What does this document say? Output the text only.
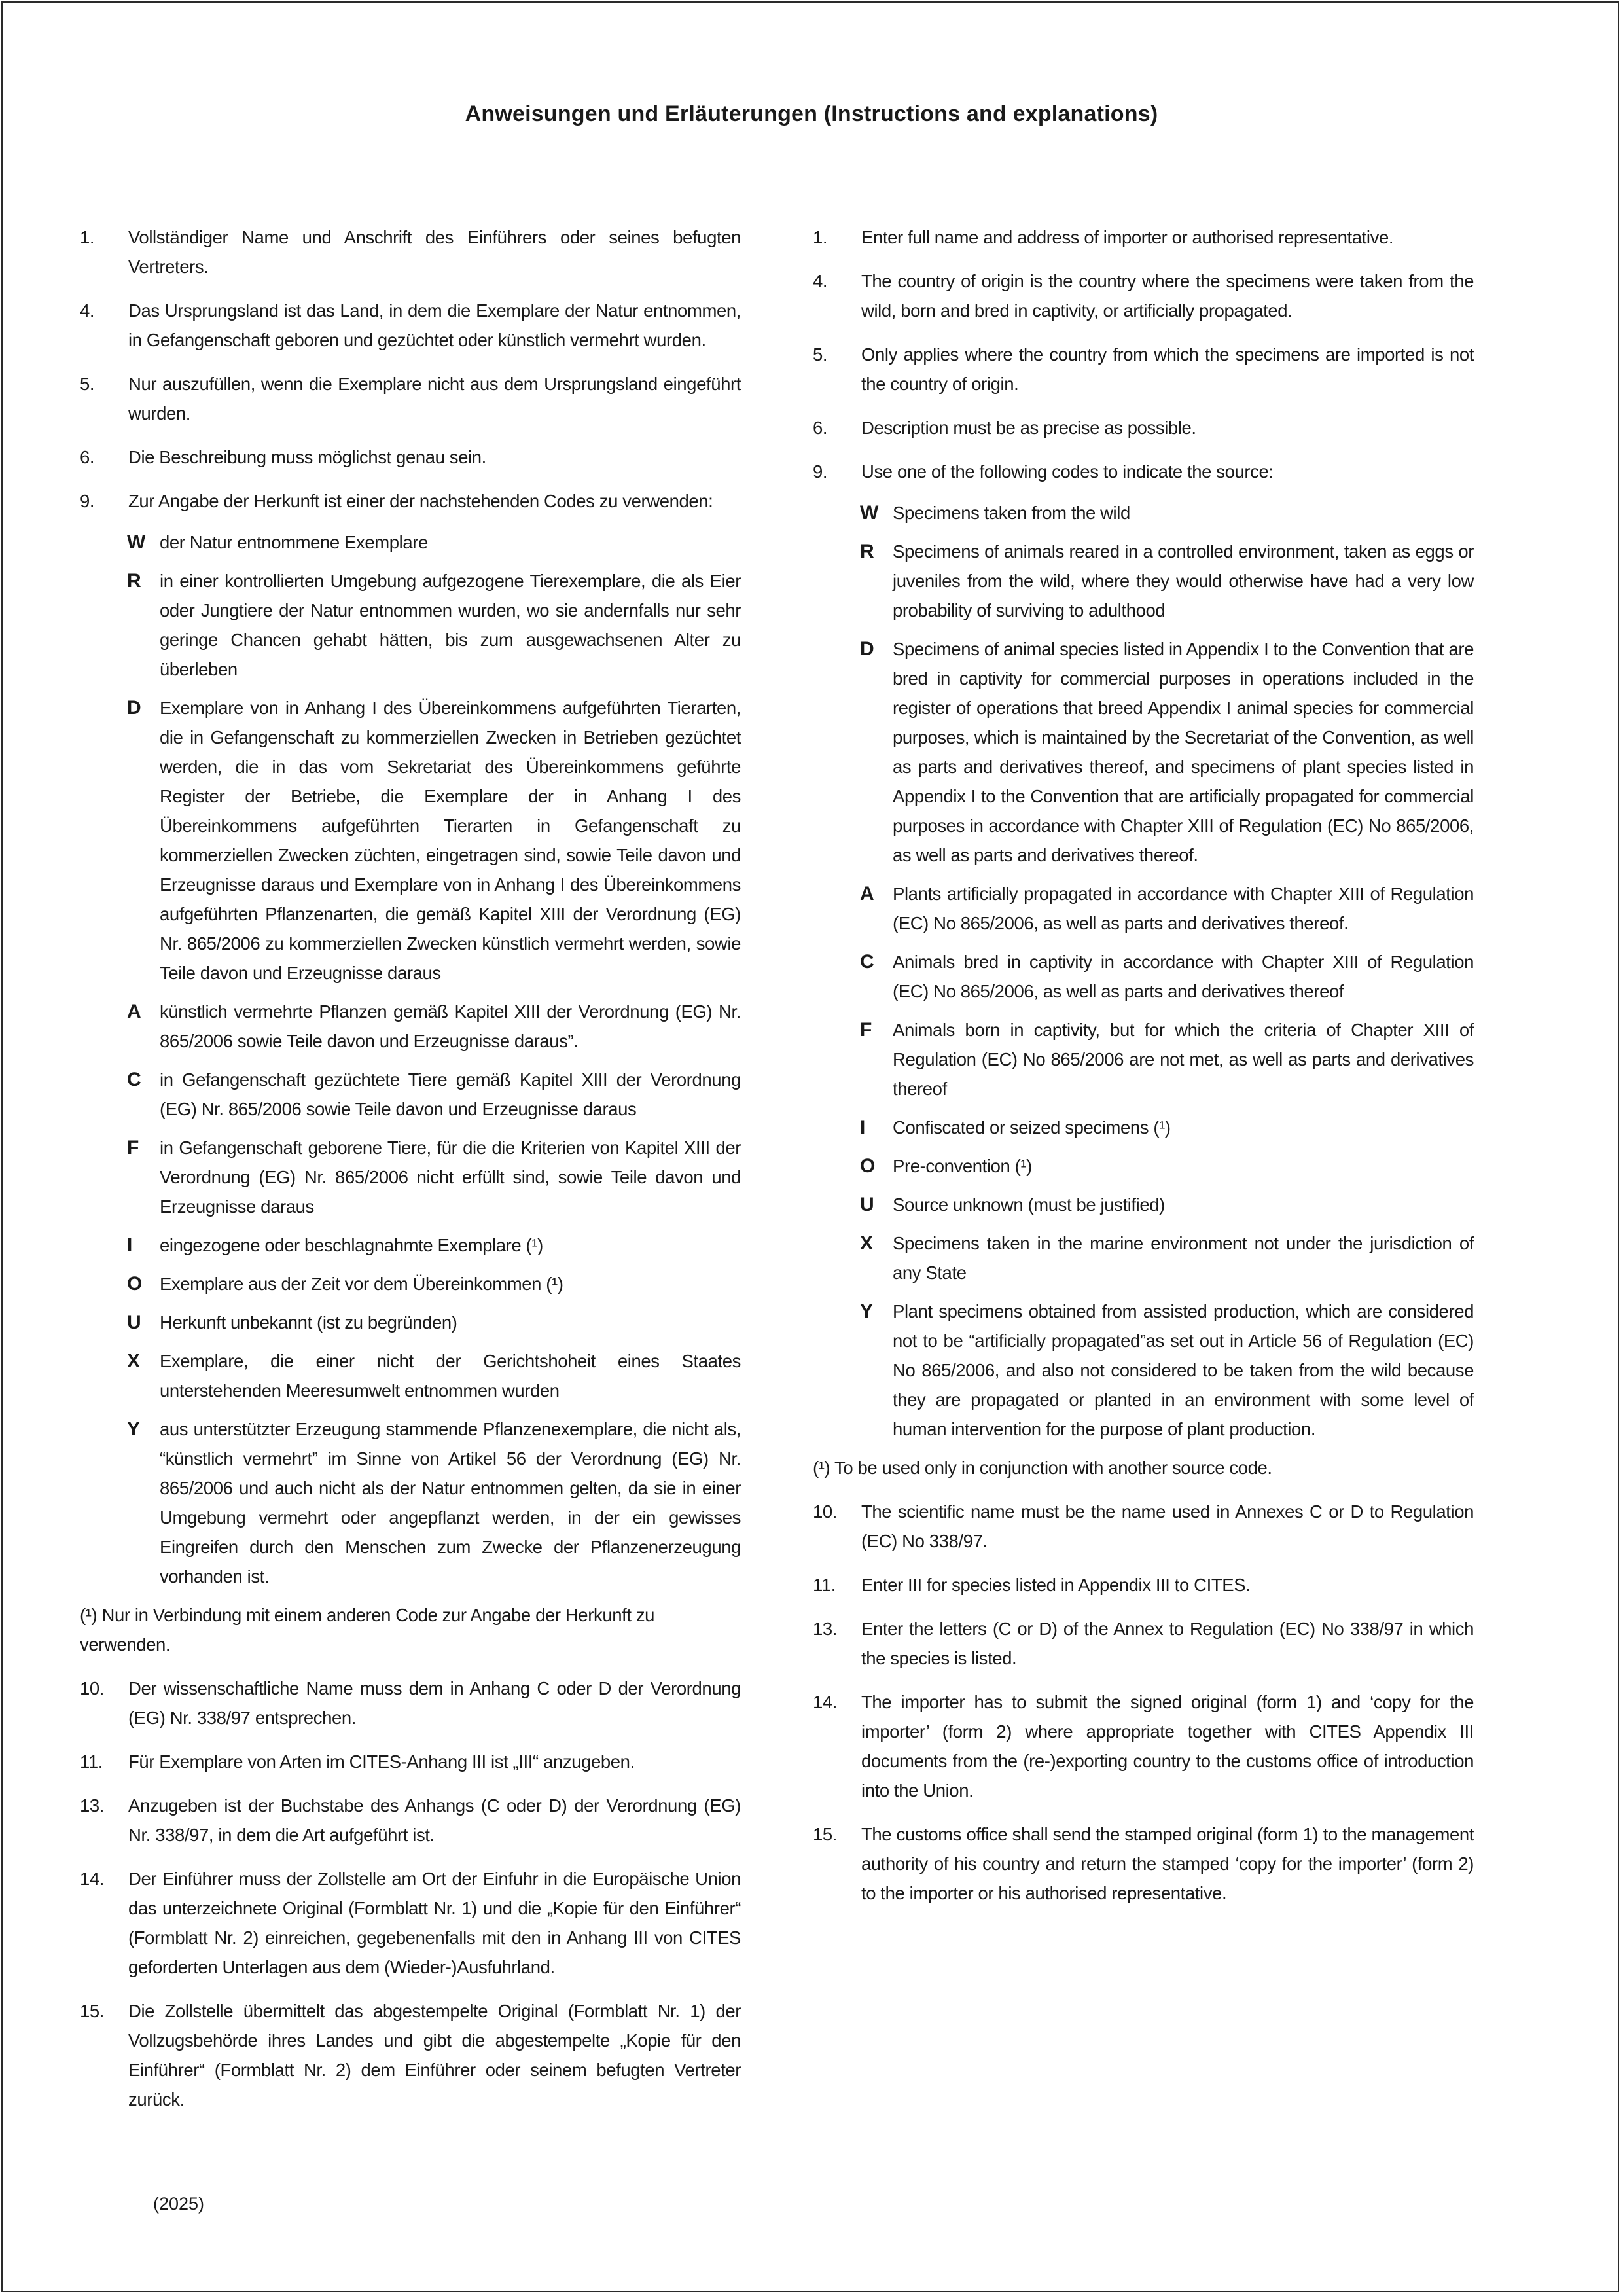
Anweisungen und Erläuterungen (Instructions and explanations)
1. Vollständiger Name und Anschrift des Einführers oder seines befugten Vertreters.
4. Das Ursprungsland ist das Land, in dem die Exemplare der Natur entnommen, in Gefangenschaft geboren und gezüchtet oder künstlich vermehrt wurden.
5. Nur auszufüllen, wenn die Exemplare nicht aus dem Ursprungsland eingeführt wurden.
6. Die Beschreibung muss möglichst genau sein.
9. Zur Angabe der Herkunft ist einer der nachstehenden Codes zu verwenden:
W der Natur entnommene Exemplare
R in einer kontrollierten Umgebung aufgezogene Tierexemplare, die als Eier oder Jungtiere der Natur entnommen wurden, wo sie andernfalls nur sehr geringe Chancen gehabt hätten, bis zum ausgewachsenen Alter zu überleben
D Exemplare von in Anhang I des Übereinkommens aufgeführten Tierarten, die in Gefangenschaft zu kommerziellen Zwecken in Betrieben gezüchtet werden, die in das vom Sekretariat des Übereinkommens geführte Register der Betriebe, die Exemplare der in Anhang I des Übereinkommens aufgeführten Tierarten in Gefangenschaft zu kommerziellen Zwecken züchten, eingetragen sind, sowie Teile davon und Erzeugnisse daraus und Exemplare von in Anhang I des Übereinkommens aufgeführten Pflanzenarten, die gemäß Kapitel XIII der Verordnung (EG) Nr. 865/2006 zu kommerziellen Zwecken künstlich vermehrt werden, sowie Teile davon und Erzeugnisse daraus
A künstlich vermehrte Pflanzen gemäß Kapitel XIII der Verordnung (EG) Nr. 865/2006 sowie Teile davon und Erzeugnisse daraus”.
C in Gefangenschaft gezüchtete Tiere gemäß Kapitel XIII der Verordnung (EG) Nr. 865/2006 sowie Teile davon und Erzeugnisse daraus
F in Gefangenschaft geborene Tiere, für die die Kriterien von Kapitel XIII der Verordnung (EG) Nr. 865/2006 nicht erfüllt sind, sowie Teile davon und Erzeugnisse daraus
I eingezogene oder beschlagnahmte Exemplare (¹)
O Exemplare aus der Zeit vor dem Übereinkommen (¹)
U Herkunft unbekannt (ist zu begründen)
X Exemplare, die einer nicht der Gerichtshoheit eines Staates unterstehenden Meeresumwelt entnommen wurden
Y aus unterstützter Erzeugung stammende Pflanzenexemplare, die nicht als, “künstlich vermehrt” im Sinne von Artikel 56 der Verordnung (EG) Nr. 865/2006 und auch nicht als der Natur entnommen gelten, da sie in einer Umgebung vermehrt oder angepflanzt werden, in der ein gewisses Eingreifen durch den Menschen zum Zwecke der Pflanzenerzeugung vorhanden ist.
(¹) Nur in Verbindung mit einem anderen Code zur Angabe der Herkunft zu verwenden.
10. Der wissenschaftliche Name muss dem in Anhang C oder D der Verordnung (EG) Nr. 338/97 entsprechen.
11. Für Exemplare von Arten im CITES-Anhang III ist „III“ anzugeben.
13. Anzugeben ist der Buchstabe des Anhangs (C oder D) der Verordnung (EG) Nr. 338/97, in dem die Art aufgeführt ist.
14. Der Einführer muss der Zollstelle am Ort der Einfuhr in die Europäische Union das unterzeichnete Original (Formblatt Nr. 1) und die „Kopie für den Einführer“ (Formblatt Nr. 2) einreichen, gegebenenfalls mit den in Anhang III von CITES geforderten Unterlagen aus dem (Wieder-)Ausfuhrland.
15. Die Zollstelle übermittelt das abgestempelte Original (Formblatt Nr. 1) der Vollzugsbehörde ihres Landes und gibt die abgestempelte „Kopie für den Einführer“ (Formblatt Nr. 2) dem Einführer oder seinem befugten Vertreter zurück.
1. Enter full name and address of importer or authorised representative.
4. The country of origin is the country where the specimens were taken from the wild, born and bred in captivity, or artificially propagated.
5. Only applies where the country from which the specimens are imported is not the country of origin.
6. Description must be as precise as possible.
9. Use one of the following codes to indicate the source:
W Specimens taken from the wild
R Specimens of animals reared in a controlled environment, taken as eggs or juveniles from the wild, where they would otherwise have had a very low probability of surviving to adulthood
D Specimens of animal species listed in Appendix I to the Convention that are bred in captivity for commercial purposes in operations included in the register of operations that breed Appendix I animal species for commercial purposes, which is maintained by the Secretariat of the Convention, as well as parts and derivatives thereof, and specimens of plant species listed in Appendix I to the Convention that are artificially propagated for commercial purposes in accordance with Chapter XIII of Regulation (EC) No 865/2006, as well as parts and derivatives thereof.
A Plants artificially propagated in accordance with Chapter XIII of Regulation (EC) No 865/2006, as well as parts and derivatives thereof.
C Animals bred in captivity in accordance with Chapter XIII of Regulation (EC) No 865/2006, as well as parts and derivatives thereof
F Animals born in captivity, but for which the criteria of Chapter XIII of Regulation (EC) No 865/2006 are not met, as well as parts and derivatives thereof
I Confiscated or seized specimens (¹)
O Pre-convention (¹)
U Source unknown (must be justified)
X Specimens taken in the marine environment not under the jurisdiction of any State
Y Plant specimens obtained from assisted production, which are considered not to be “artificially propagated”as set out in Article 56 of Regulation (EC) No 865/2006, and also not considered to be taken from the wild because they are propagated or planted in an environment with some level of human intervention for the purpose of plant production.
(¹) To be used only in conjunction with another source code.
10. The scientific name must be the name used in Annexes C or D to Regulation (EC) No 338/97.
11. Enter III for species listed in Appendix III to CITES.
13. Enter the letters (C or D) of the Annex to Regulation (EC) No 338/97 in which the species is listed.
14. The importer has to submit the signed original (form 1) and ‘copy for the importer’ (form 2) where appropriate together with CITES Appendix III documents from the (re-)exporting country to the customs office of introduction into the Union.
15. The customs office shall send the stamped original (form 1) to the management authority of his country and return the stamped ‘copy for the importer’ (form 2) to the importer or his authorised representative.
(2025)
